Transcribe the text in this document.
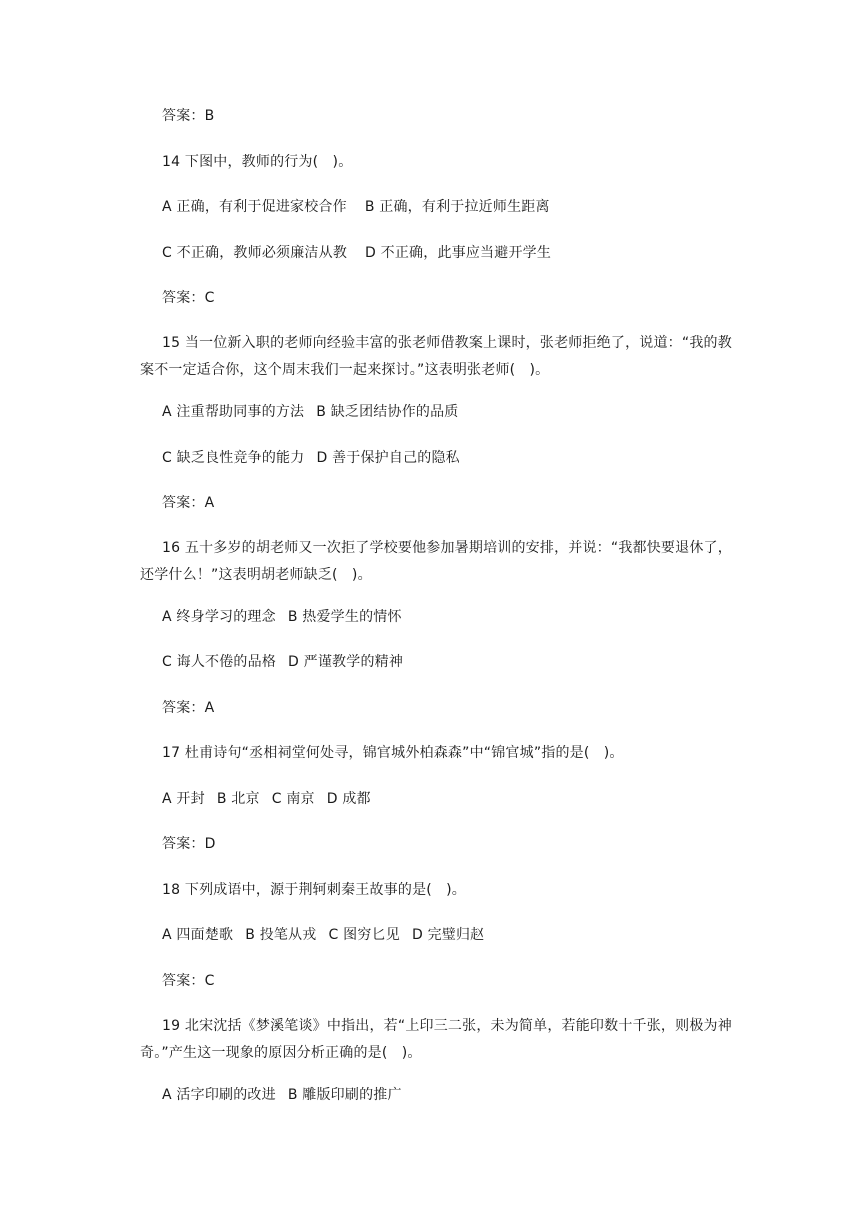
答案：B
14 下图中，教师的行为(　)。
A 正确，有利于促进家校合作 B 正确，有利于拉近师生距离
C 不正确，教师必须廉洁从教 D 不正确，此事应当避开学生
答案：C
15 当一位新入职的老师向经验丰富的张老师借教案上课时，张老师拒绝了，说道：“我的教案不一定适合你，这个周末我们一起来探讨。”这表明张老师(　)。
A 注重帮助同事的方法 B 缺乏团结协作的品质
C 缺乏良性竞争的能力 D 善于保护自己的隐私
答案：A
16 五十多岁的胡老师又一次拒了学校要他参加暑期培训的安排，并说：“我都快要退休了，还学什么！”这表明胡老师缺乏(　)。
A 终身学习的理念 B 热爱学生的情怀
C 诲人不倦的品格 D 严谨教学的精神
答案：A
17 杜甫诗句“丞相祠堂何处寻，锦官城外柏森森”中“锦官城”指的是(　)。
A 开封 B 北京 C 南京 D 成都
答案：D
18 下列成语中，源于荆轲刺秦王故事的是(　)。
A 四面楚歌 B 投笔从戎 C 图穷匕见 D 完璧归赵
答案：C
19 北宋沈括《梦溪笔谈》中指出，若“上印三二张，未为简单，若能印数十千张，则极为神奇。”产生这一现象的原因分析正确的是(　)。
A 活字印刷的改进 B 雕版印刷的推广
